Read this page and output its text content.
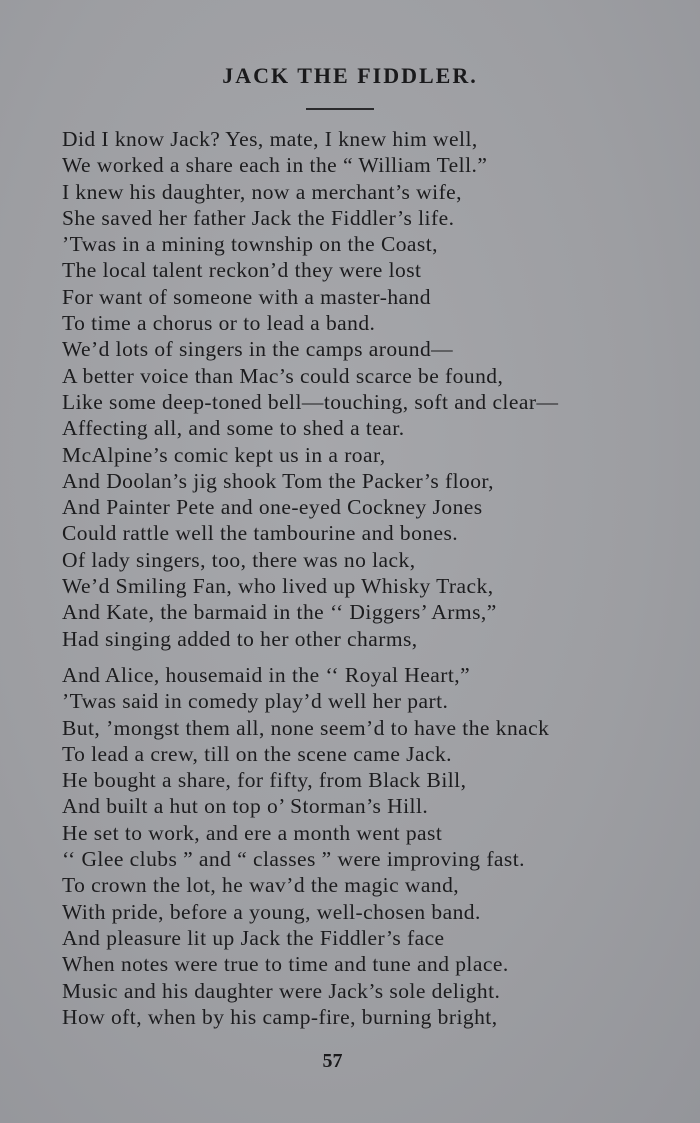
JACK THE FIDDLER.
Did I know Jack? Yes, mate, I knew him well,
We worked a share each in the “ William Tell.”
I knew his daughter, now a merchant’s wife,
She saved her father Jack the Fiddler’s life.
’Twas in a mining township on the Coast,
The local talent reckon’d they were lost
For want of someone with a master-hand
To time a chorus or to lead a band.
We’d lots of singers in the camps around—
A better voice than Mac’s could scarce be found,
Like some deep-toned bell—touching, soft and clear—
Affecting all, and some to shed a tear.
McAlpine’s comic kept us in a roar,
And Doolan’s jig shook Tom the Packer’s floor,
And Painter Pete and one-eyed Cockney Jones
Could rattle well the tambourine and bones.
Of lady singers, too, there was no lack,
We’d Smiling Fan, who lived up Whisky Track,
And Kate, the barmaid in the ‘‘ Diggers’ Arms,”
Had singing added to her other charms,
And Alice, housemaid in the ‘‘ Royal Heart,”
’Twas said in comedy play’d well her part.
But, ’mongst them all, none seem’d to have the knack
To lead a crew, till on the scene came Jack.
He bought a share, for fifty, from Black Bill,
And built a hut on top o’ Storman’s Hill.
He set to work, and ere a month went past
‘‘ Glee clubs ” and “ classes ” were improving fast.
To crown the lot, he wav’d the magic wand,
With pride, before a young, well-chosen band.
And pleasure lit up Jack the Fiddler’s face
When notes were true to time and tune and place.
Music and his daughter were Jack’s sole delight.
How oft, when by his camp-fire, burning bright,
57
